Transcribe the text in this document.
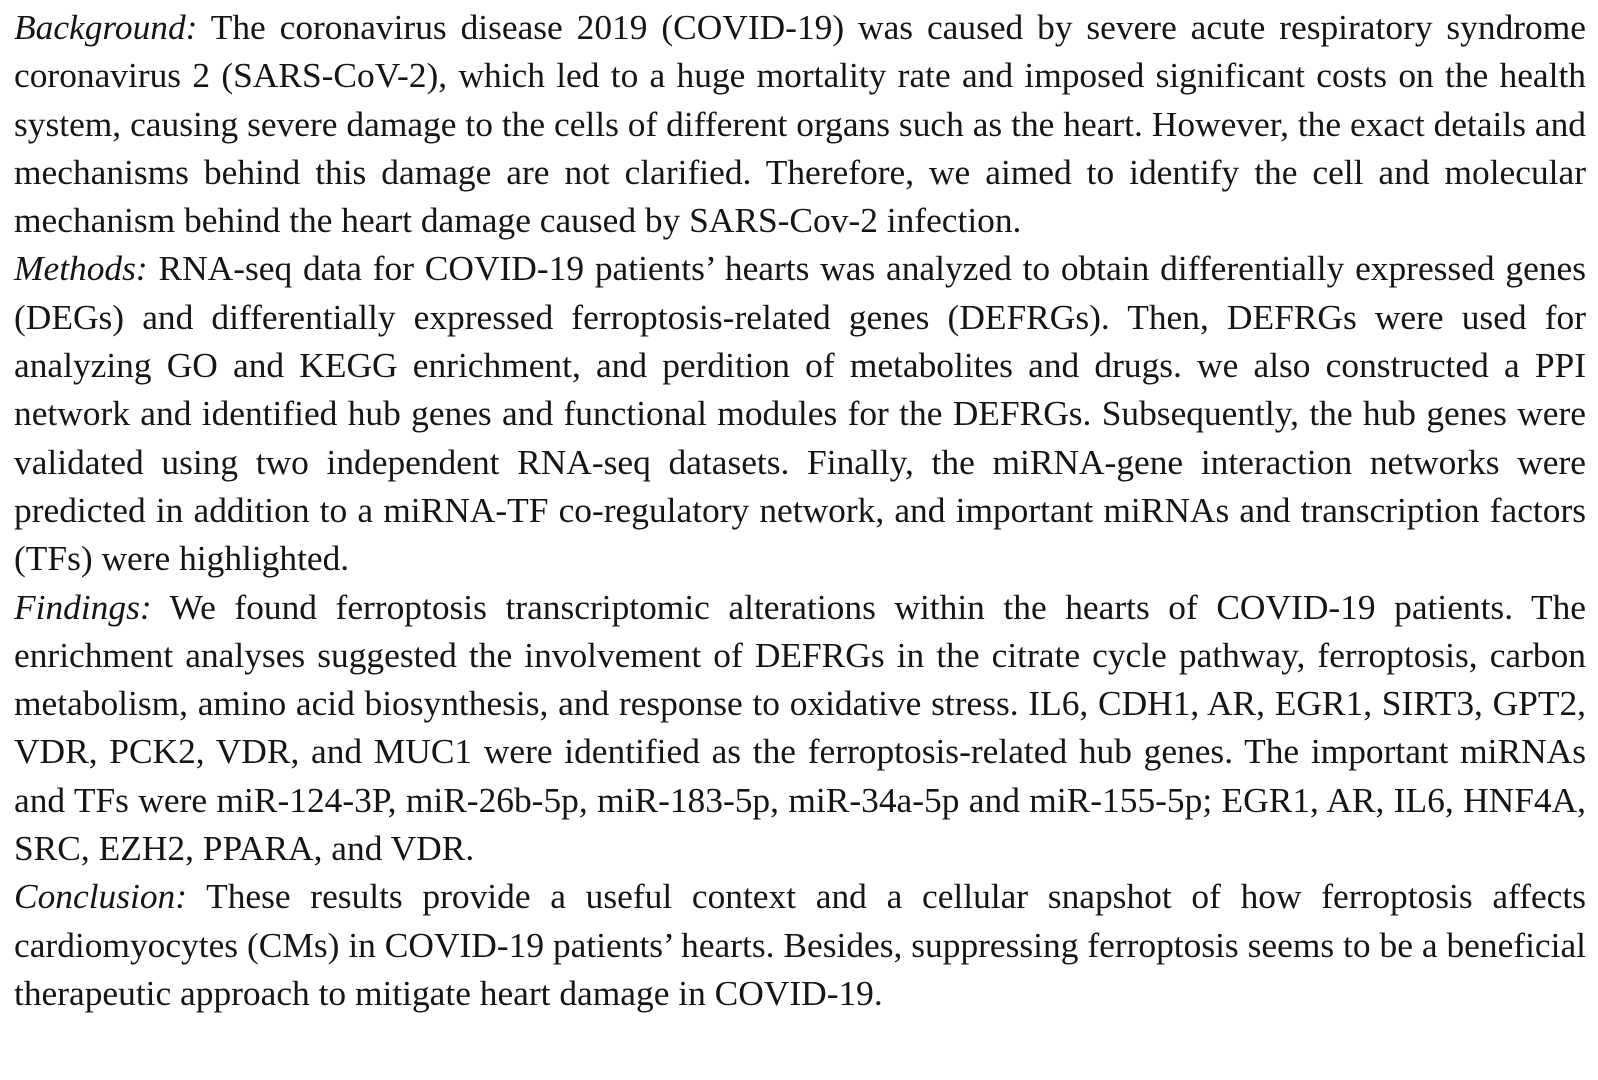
Background: The coronavirus disease 2019 (COVID-19) was caused by severe acute respiratory syndrome coronavirus 2 (SARS-CoV-2), which led to a huge mortality rate and imposed significant costs on the health system, causing severe damage to the cells of different organs such as the heart. However, the exact details and mechanisms behind this damage are not clarified. Therefore, we aimed to identify the cell and molecular mechanism behind the heart damage caused by SARS-Cov-2 infection.

Methods: RNA-seq data for COVID-19 patients’ hearts was analyzed to obtain differentially expressed genes (DEGs) and differentially expressed ferroptosis-related genes (DEFRGs). Then, DEFRGs were used for analyzing GO and KEGG enrichment, and perdition of metabolites and drugs. we also constructed a PPI network and identified hub genes and functional modules for the DEFRGs. Subsequently, the hub genes were validated using two independent RNA-seq datasets. Finally, the miRNA-gene interaction networks were predicted in addition to a miRNA-TF co-regulatory network, and important miRNAs and transcription factors (TFs) were highlighted.

Findings: We found ferroptosis transcriptomic alterations within the hearts of COVID-19 patients. The enrichment analyses suggested the involvement of DEFRGs in the citrate cycle pathway, ferroptosis, carbon metabolism, amino acid biosynthesis, and response to oxidative stress. IL6, CDH1, AR, EGR1, SIRT3, GPT2, VDR, PCK2, VDR, and MUC1 were identified as the ferroptosis-related hub genes. The important miRNAs and TFs were miR-124-3P, miR-26b-5p, miR-183-5p, miR-34a-5p and miR-155-5p; EGR1, AR, IL6, HNF4A, SRC, EZH2, PPARA, and VDR.

Conclusion: These results provide a useful context and a cellular snapshot of how ferroptosis affects cardiomyocytes (CMs) in COVID-19 patients’ hearts. Besides, suppressing ferroptosis seems to be a beneficial therapeutic approach to mitigate heart damage in COVID-19.
